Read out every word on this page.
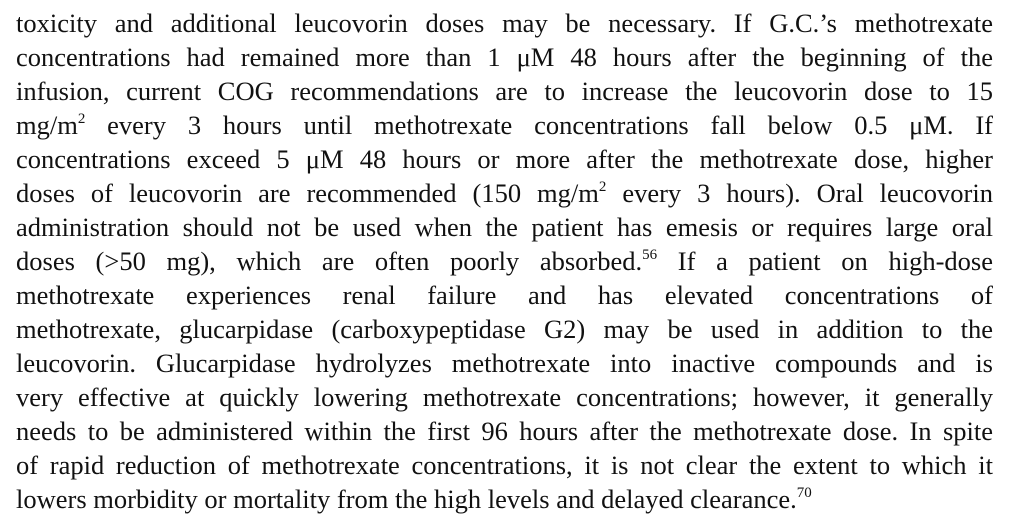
toxicity and additional leucovorin doses may be necessary. If G.C.’s methotrexate
concentrations had remained more than 1 μM 48 hours after the beginning of the
infusion, current COG recommendations are to increase the leucovorin dose to 15
$mg/m^2$ every 3 hours until methotrexate concentrations fall below 0.5 μM. If
concentrations exceed 5 μM 48 hours or more after the methotrexate dose, higher
doses of leucovorin are recommended (150 $mg/m^2$ every 3 hours). Oral leucovorin
administration should not be used when the patient has emesis or requires large oral
doses (>50 mg), which are often poorly absorbed.$^{56}$ If a patient on high-dose
methotrexate experiences renal failure and has elevated concentrations of
methotrexate, glucarpidase (carboxypeptidase G2) may be used in addition to the
leucovorin. Glucarpidase hydrolyzes methotrexate into inactive compounds and is
very effective at quickly lowering methotrexate concentrations; however, it generally
needs to be administered within the first 96 hours after the methotrexate dose. In spite
of rapid reduction of methotrexate concentrations, it is not clear the extent to which it
lowers morbidity or mortality from the high levels and delayed clearance.$^{70}$
